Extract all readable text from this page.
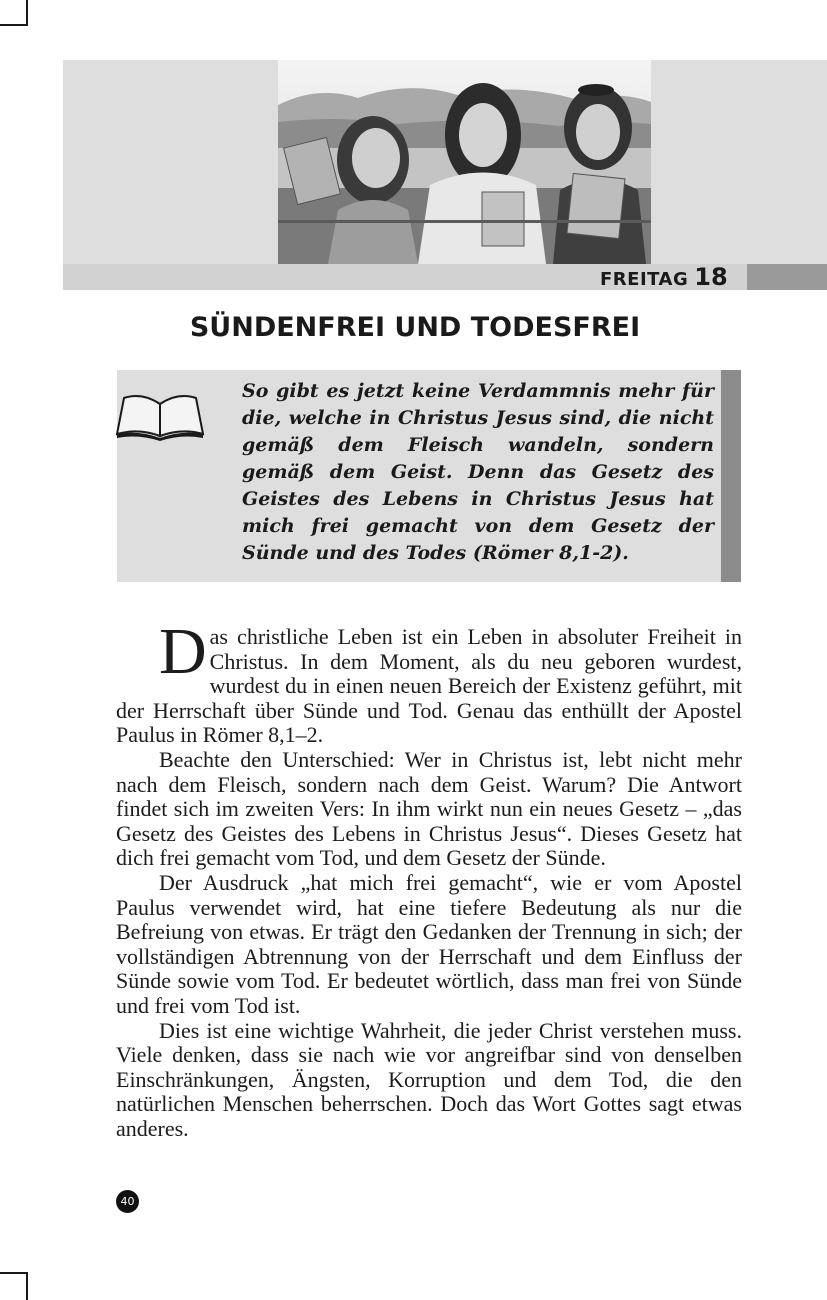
FREITAG 18
SÜNDENFREI UND TODESFREI

So gibt es jetzt keine Verdammnis mehr für die, welche in Christus Jesus sind, die nicht gemäß dem Fleisch wandeln, sondern gemäß dem Geist. Denn das Gesetz des Geistes des Lebens in Christus Jesus hat mich frei gemacht von dem Gesetz der Sünde und des Todes (Römer 8,1-2).

Das christliche Leben ist ein Leben in absoluter Freiheit in Christus. In dem Moment, als du neu geboren wurdest, wurdest du in einen neuen Bereich der Existenz geführt, mit der Herrschaft über Sünde und Tod. Genau das enthüllt der Apostel Paulus in Römer 8,1–2.

Beachte den Unterschied: Wer in Christus ist, lebt nicht mehr nach dem Fleisch, sondern nach dem Geist. Warum? Die Antwort findet sich im zweiten Vers: In ihm wirkt nun ein neues Gesetz – „das Gesetz des Geistes des Lebens in Christus Jesus“. Dieses Gesetz hat dich frei gemacht vom Tod, und dem Gesetz der Sünde.

Der Ausdruck „hat mich frei gemacht“, wie er vom Apostel Paulus verwendet wird, hat eine tiefere Bedeutung als nur die Befreiung von etwas. Er trägt den Gedanken der Trennung in sich; der vollständigen Abtrennung von der Herrschaft und dem Einfluss der Sünde sowie vom Tod. Er bedeutet wörtlich, dass man frei von Sünde und frei vom Tod ist.

Dies ist eine wichtige Wahrheit, die jeder Christ verstehen muss. Viele denken, dass sie nach wie vor angreifbar sind von denselben Einschränkungen, Ängsten, Korruption und dem Tod, die den natürlichen Menschen beherrschen. Doch das Wort Gottes sagt etwas anderes.

40
